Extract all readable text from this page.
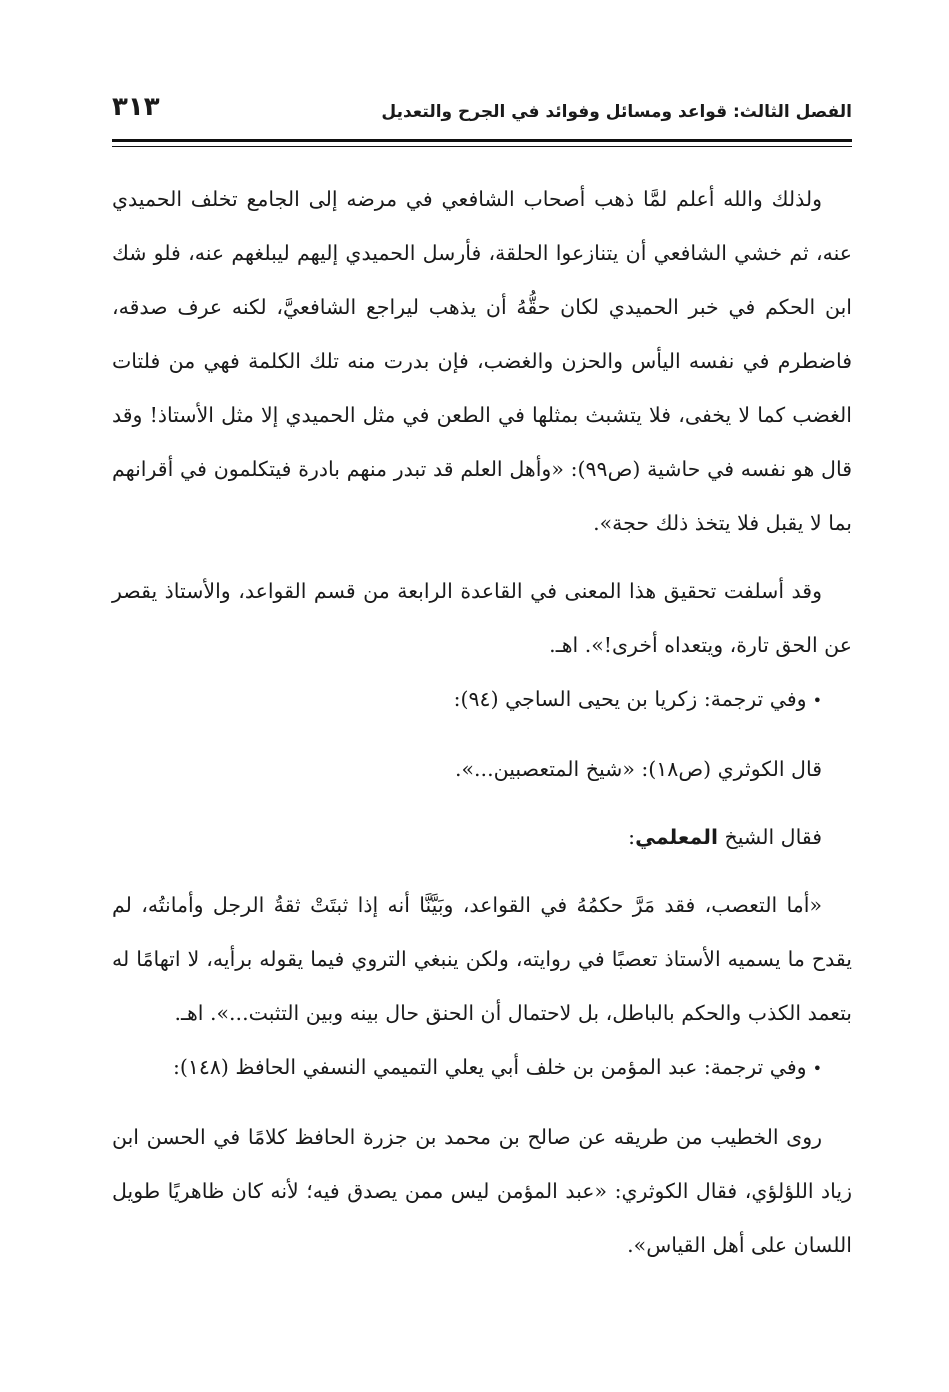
الفصل الثالث: قواعد ومسائل وفوائد في الجرح والتعديل
٣١٣

ولذلك والله أعلم لمَّا ذهب أصحاب الشافعي في مرضه إلى الجامع تخلف الحميدي عنه، ثم خشي الشافعي أن يتنازعوا الحلقة، فأرسل الحميدي إليهم ليبلغهم عنه، فلو شك ابن الحكم في خبر الحميدي لكان حقُّهُ أن يذهب ليراجع الشافعيَّ، لكنه عرف صدقه، فاضطرم في نفسه اليأس والحزن والغضب، فإن بدرت منه تلك الكلمة فهي من فلتات الغضب كما لا يخفى، فلا يتشبث بمثلها في الطعن في مثل الحميدي إلا مثل الأستاذ! وقد قال هو نفسه في حاشية (ص٩٩): «وأهل العلم قد تبدر منهم بادرة فيتكلمون في أقرانهم بما لا يقبل فلا يتخذ ذلك حجة».

وقد أسلفت تحقيق هذا المعنى في القاعدة الرابعة من قسم القواعد، والأستاذ يقصر عن الحق تارة، ويتعداه أخرى!». اهـ.

•وفي ترجمة: زكريا بن يحيى الساجي (٩٤):

قال الكوثري (ص١٨): «شيخ المتعصبين...».

فقال الشيخ المعلمي:

«أما التعصب، فقد مَرَّ حكمُهُ في القواعد، وبَيَّنَّا أنه إذا ثبتَتْ ثقةُ الرجل وأمانتُه، لم يقدح ما يسميه الأستاذ تعصبًا في روايته، ولكن ينبغي التروي فيما يقوله برأيه، لا اتهامًا له بتعمد الكذب والحكم بالباطل، بل لاحتمال أن الحنق حال بينه وبين التثبت...». اهـ.

•وفي ترجمة: عبد المؤمن بن خلف أبي يعلي التميمي النسفي الحافظ (١٤٨):

روى الخطيب من طريقه عن صالح بن محمد بن جزرة الحافظ كلامًا في الحسن ابن زياد اللؤلؤي، فقال الكوثري: «عبد المؤمن ليس ممن يصدق فيه؛ لأنه كان ظاهريًا طويل اللسان على أهل القياس».
